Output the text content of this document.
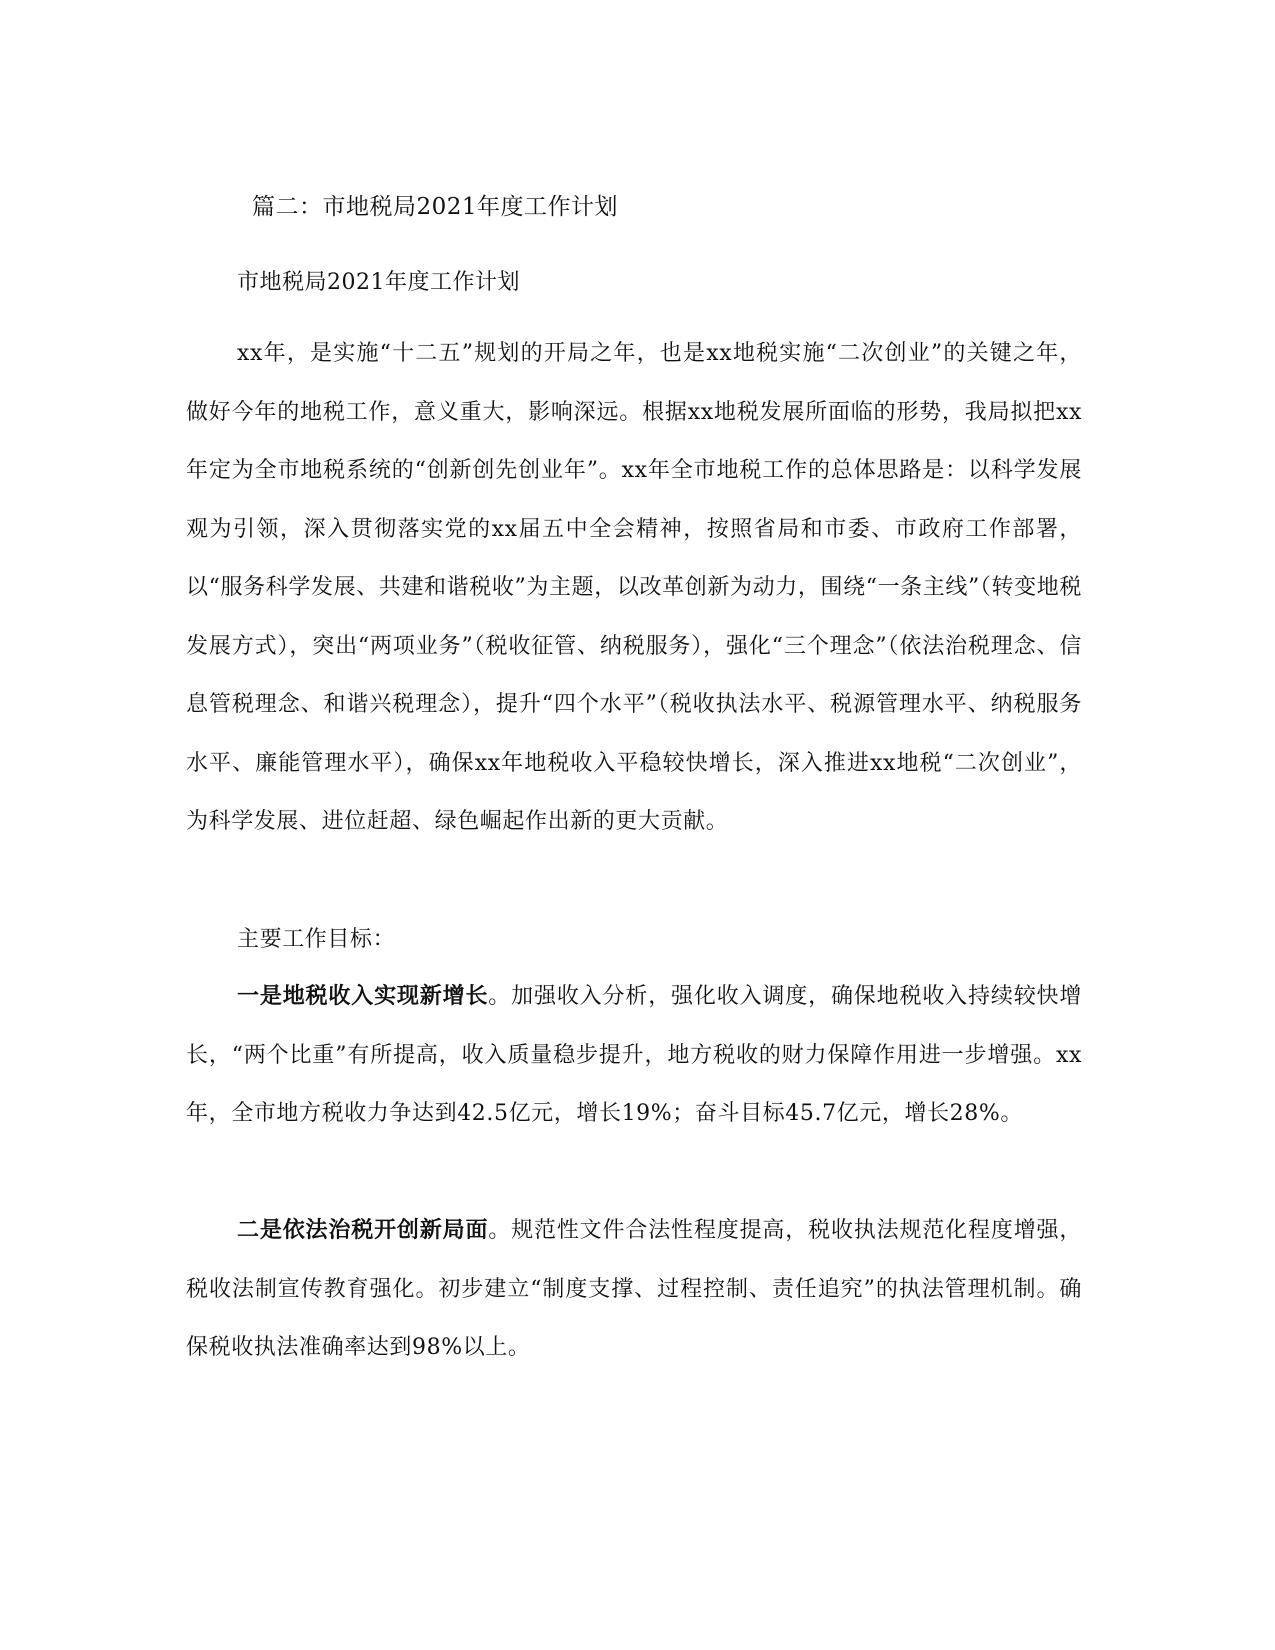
篇二：市地税局2021年度工作计划
市地税局2021年度工作计划

xx年，是实施“十二五”规划的开局之年，也是xx地税实施“二次创业”的关键之年，做好今年的地税工作，意义重大，影响深远。根据xx地税发展所面临的形势，我局拟把xx年定为全市地税系统的“创新创先创业年”。xx年全市地税工作的总体思路是：以科学发展观为引领，深入贯彻落实党的xx届五中全会精神，按照省局和市委、市政府工作部署，以“服务科学发展、共建和谐税收”为主题，以改革创新为动力，围绕“一条主线”（转变地税发展方式），突出“两项业务”（税收征管、纳税服务），强化“三个理念”（依法治税理念、信息管税理念、和谐兴税理念），提升“四个水平”（税收执法水平、税源管理水平、纳税服务水平、廉能管理水平），确保xx年地税收入平稳较快增长，深入推进xx地税“二次创业”，为科学发展、进位赶超、绿色崛起作出新的更大贡献。

主要工作目标：

一是地税收入实现新增长。加强收入分析，强化收入调度，确保地税收入持续较快增长，“两个比重”有所提高，收入质量稳步提升，地方税收的财力保障作用进一步增强。xx年，全市地方税收力争达到42.5亿元，增长19%；奋斗目标45.7亿元，增长28%。

二是依法治税开创新局面。规范性文件合法性程度提高，税收执法规范化程度增强，税收法制宣传教育强化。初步建立“制度支撑、过程控制、责任追究”的执法管理机制。确保税收执法准确率达到98%以上。
